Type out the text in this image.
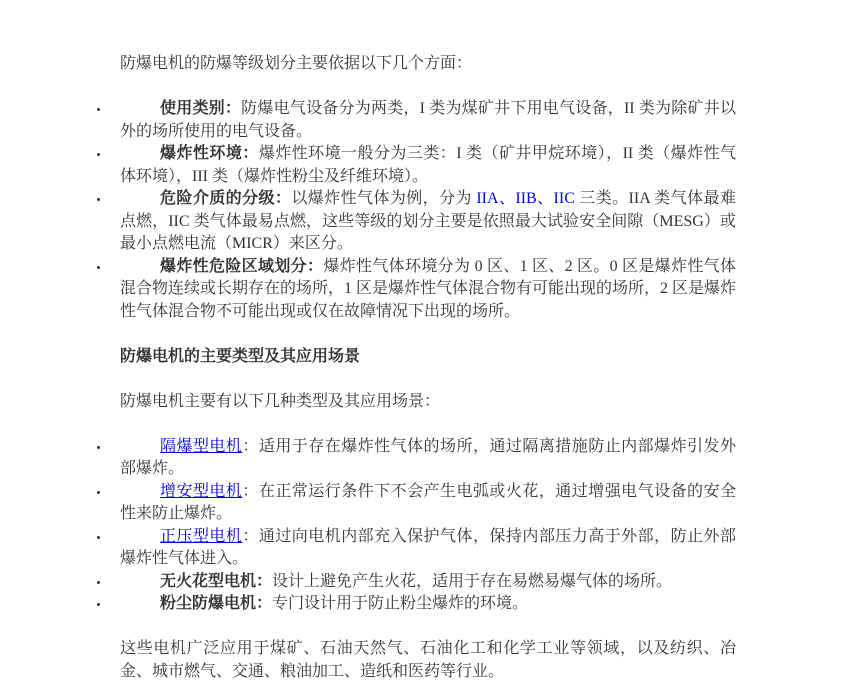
防爆电机的防爆等级划分主要依据以下几个方面：

使用类别：防爆电气设备分为两类，I 类为煤矿井下用电气设备，II 类为除矿井以外的场所使用的电气设备。
爆炸性环境：爆炸性环境一般分为三类：I 类（矿井甲烷环境），II 类（爆炸性气体环境），III 类（爆炸性粉尘及纤维环境）。
危险介质的分级：以爆炸性气体为例，分为 IIA、IIB、IIC 三类。IIA 类气体最难点燃，IIC 类气体最易点燃，这些等级的划分主要是依照最大试验安全间隙（MESG）或最小点燃电流（MICR）来区分。
爆炸性危险区域划分：爆炸性气体环境分为 0 区、1 区、2 区。0 区是爆炸性气体混合物连续或长期存在的场所，1 区是爆炸性气体混合物有可能出现的场所，2 区是爆炸性气体混合物不可能出现或仅在故障情况下出现的场所。

防爆电机的主要类型及其应用场景

防爆电机主要有以下几种类型及其应用场景：

隔爆型电机：适用于存在爆炸性气体的场所，通过隔离措施防止内部爆炸引发外部爆炸。
增安型电机：在正常运行条件下不会产生电弧或火花，通过增强电气设备的安全性来防止爆炸。
正压型电机：通过向电机内部充入保护气体，保持内部压力高于外部，防止外部爆炸性气体进入。
无火花型电机：设计上避免产生火花，适用于存在易燃易爆气体的场所。
粉尘防爆电机：专门设计用于防止粉尘爆炸的环境。

这些电机广泛应用于煤矿、石油天然气、石油化工和化学工业等领域，以及纺织、冶金、城市燃气、交通、粮油加工、造纸和医药等行业。
